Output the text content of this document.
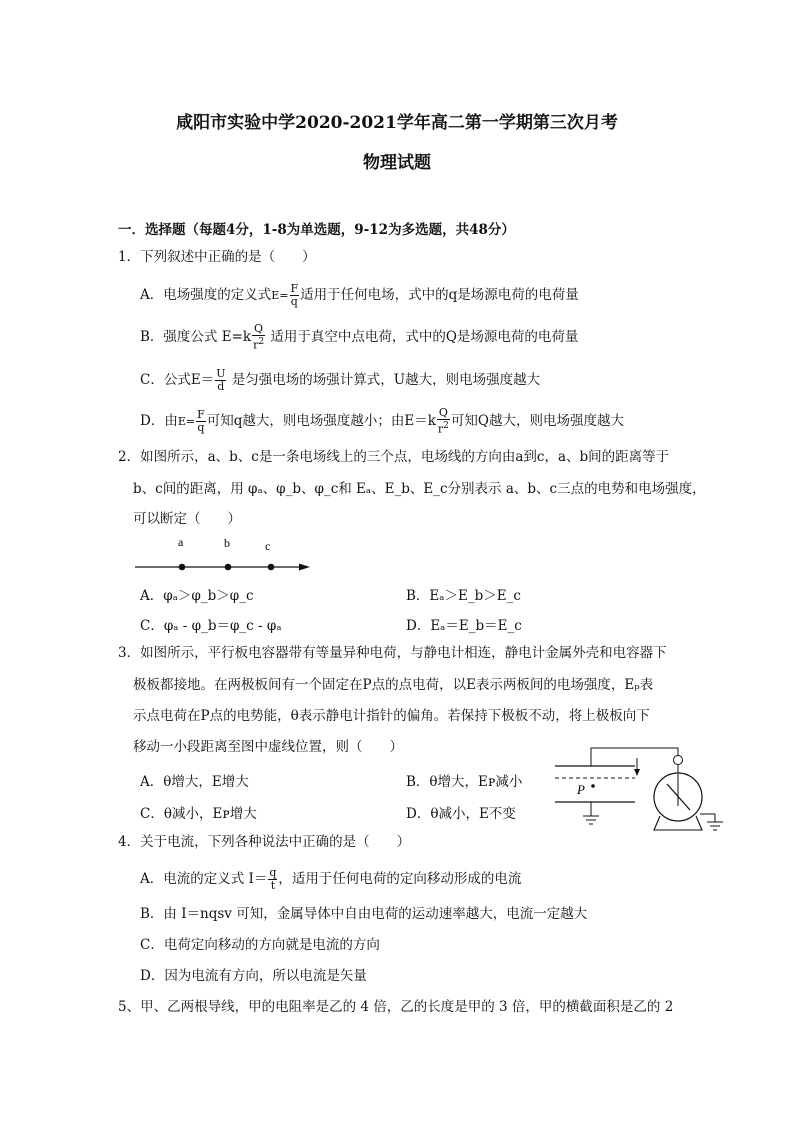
咸阳市实验中学2020-2021学年高二第一学期第三次月考
物理试题
一．选择题（每题4分，1-8为单选题，9-12为多选题，共48分）
1．下列叙述中正确的是（　　）
A．电场强度的定义式$E= \frac{F}{q}$ 适用于任何电场，式中的q是场源电荷的电荷量
B．强度公式 $E=k \frac{Q}{r^2}$ 适用于真空中点电荷，式中的Q是场源电荷的电荷量
C．公式$E= \frac{U}{d}$ 是匀强电场的场强计算式，U越大，则电场强度越大
D．由$E= \frac{F}{q}$ 可知q越大，则电场强度越小；由$E=k \frac{Q}{r^2}$ 可知Q越大，则电场强度越大
2．如图所示，a、b、c是一条电场线上的三个点，电场线的方向由a到c，a、b间的距离等于
b、c间的距离，用 φₐ、φ_b、φ_c和 Eₐ、E_b、E_c分别表示 a、b、c三点的电势和电场强度，
可以断定（　　）
a	b	c
A．φₐ＞φ_b＞φ_c	B．Eₐ＞E_b＞E_c
C．φₐ - φ_b＝φ_c - φₐ	D．Eₐ＝E_b＝E_c
3．如图所示，平行板电容器带有等量异种电荷，与静电计相连，静电计金属外壳和电容器下
极板都接地。在两极板间有一个固定在P点的点电荷，以E表示两板间的电场强度，Eₚ表
示点电荷在P点的电势能，θ表示静电计指针的偏角。若保持下极板不动，将上极板向下
移动一小段距离至图中虚线位置，则（　　）
A．θ增大，E增大	B．θ增大，Eᴘ减小
C．θ减小，Eᴘ增大	D．θ减小，E不变
P
4．关于电流，下列各种说法中正确的是（　　）
A．电流的定义式 $I= \frac{q}{t}$ ，适用于任何电荷的定向移动形成的电流
B．由 I＝nqsv 可知，金属导体中自由电荷的运动速率越大，电流一定越大
C．电荷定向移动的方向就是电流的方向
D．因为电流有方向，所以电流是矢量
5、甲、乙两根导线，甲的电阻率是乙的 4 倍，乙的长度是甲的 3 倍，甲的横截面积是乙的 2
